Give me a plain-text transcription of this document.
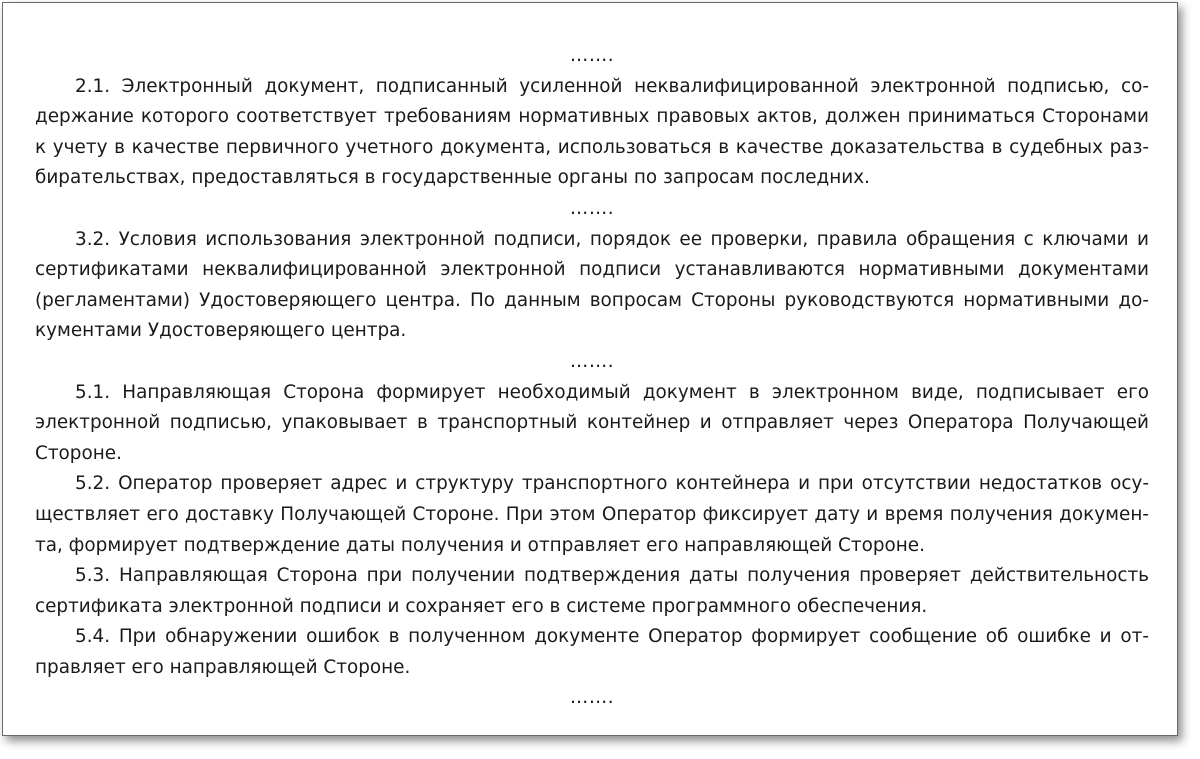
…….

2.1. Электронный документ, подписанный усиленной неквалифицированной электронной подписью, содержание которого соответствует требованиям нормативных правовых актов, должен приниматься Сторонами к учету в качестве первичного учетного документа, использоваться в качестве доказательства в судебных разбирательствах, предоставляться в государственные органы по запросам последних.

…….

3.2. Условия использования электронной подписи, порядок ее проверки, правила обращения с ключами и сертификатами неквалифицированной электронной подписи устанавливаются нормативными документами (регламентами) Удостоверяющего центра. По данным вопросам Стороны руководствуются нормативными документами Удостоверяющего центра.

…….

5.1. Направляющая Сторона формирует необходимый документ в электронном виде, подписывает его электронной подписью, упаковывает в транспортный контейнер и отправляет через Оператора Получающей Стороне.

5.2. Оператор проверяет адрес и структуру транспортного контейнера и при отсутствии недостатков осуществляет его доставку Получающей Стороне. При этом Оператор фиксирует дату и время получения документа, формирует подтверждение даты получения и отправляет его направляющей Стороне.

5.3. Направляющая Сторона при получении подтверждения даты получения проверяет действительность сертификата электронной подписи и сохраняет его в системе программного обеспечения.

5.4. При обнаружении ошибок в полученном документе Оператор формирует сообщение об ошибке и отправляет его направляющей Стороне.

…….
